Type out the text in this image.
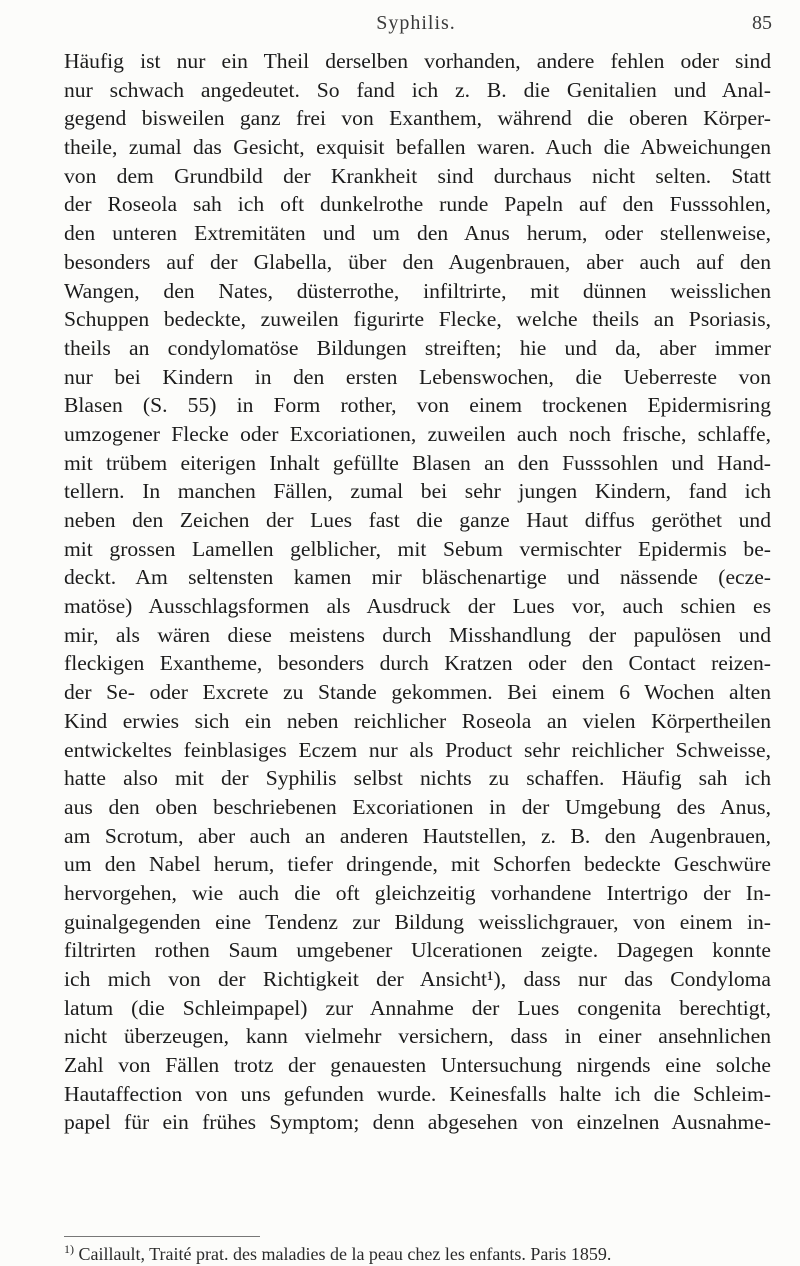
Syphilis.	85
Häufig ist nur ein Theil derselben vorhanden, andere fehlen oder sind
nur schwach angedeutet. So fand ich z. B. die Genitalien und Anal-
gegend bisweilen ganz frei von Exanthem, während die oberen Körper-
theile, zumal das Gesicht, exquisit befallen waren. Auch die Abweichungen
von dem Grundbild der Krankheit sind durchaus nicht selten. Statt
der Roseola sah ich oft dunkelrothe runde Papeln auf den Fusssohlen,
den unteren Extremitäten und um den Anus herum, oder stellenweise,
besonders auf der Glabella, über den Augenbrauen, aber auch auf den
Wangen, den Nates, düsterrothe, infiltrirte, mit dünnen weisslichen
Schuppen bedeckte, zuweilen figurirte Flecke, welche theils an Psoriasis,
theils an condylomatöse Bildungen streiften; hie und da, aber immer
nur bei Kindern in den ersten Lebenswochen, die Ueberreste von
Blasen (S. 55) in Form rother, von einem trockenen Epidermisring
umzogener Flecke oder Excoriationen, zuweilen auch noch frische, schlaffe,
mit trübem eiterigen Inhalt gefüllte Blasen an den Fusssohlen und Hand-
tellern. In manchen Fällen, zumal bei sehr jungen Kindern, fand ich
neben den Zeichen der Lues fast die ganze Haut diffus geröthet und
mit grossen Lamellen gelblicher, mit Sebum vermischter Epidermis be-
deckt. Am seltensten kamen mir bläschenartige und nässende (ecze-
matöse) Ausschlagsformen als Ausdruck der Lues vor, auch schien es
mir, als wären diese meistens durch Misshandlung der papulösen und
fleckigen Exantheme, besonders durch Kratzen oder den Contact reizen-
der Se- oder Excrete zu Stande gekommen. Bei einem 6 Wochen alten
Kind erwies sich ein neben reichlicher Roseola an vielen Körpertheilen
entwickeltes feinblasiges Eczem nur als Product sehr reichlicher Schweisse,
hatte also mit der Syphilis selbst nichts zu schaffen. Häufig sah ich
aus den oben beschriebenen Excoriationen in der Umgebung des Anus,
am Scrotum, aber auch an anderen Hautstellen, z. B. den Augenbrauen,
um den Nabel herum, tiefer dringende, mit Schorfen bedeckte Geschwüre
hervorgehen, wie auch die oft gleichzeitig vorhandene Intertrigo der In-
guinalgegenden eine Tendenz zur Bildung weisslichgrauer, von einem in-
filtrirten rothen Saum umgebener Ulcerationen zeigte. Dagegen konnte
ich mich von der Richtigkeit der Ansicht¹), dass nur das Condyloma
latum (die Schleimpapel) zur Annahme der Lues congenita berechtigt,
nicht überzeugen, kann vielmehr versichern, dass in einer ansehnlichen
Zahl von Fällen trotz der genauesten Untersuchung nirgends eine solche
Hautaffection von uns gefunden wurde. Keinesfalls halte ich die Schleim-
papel für ein frühes Symptom; denn abgesehen von einzelnen Ausnahme-
$^{1)}$ Caillault, Traité prat. des maladies de la peau chez les enfants. Paris 1859.
